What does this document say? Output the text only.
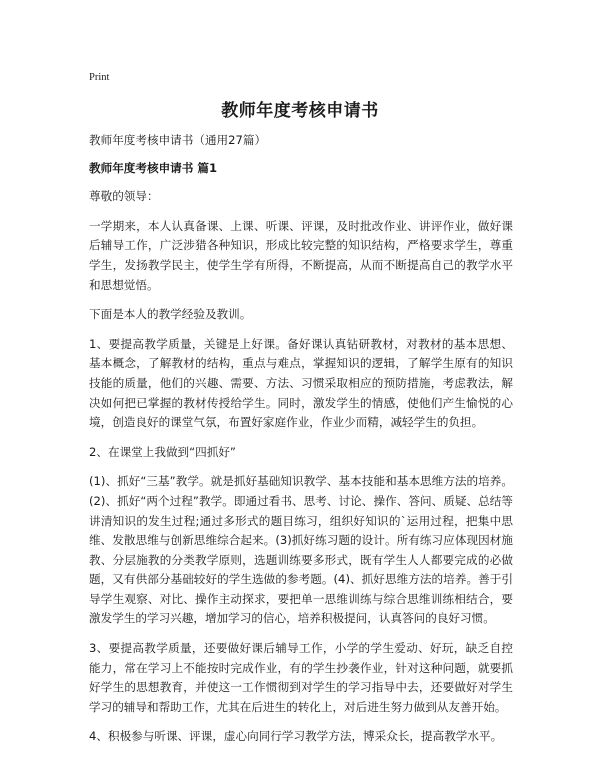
Print
教师年度考核申请书

教师年度考核申请书（通用27篇）

教师年度考核申请书 篇1

尊敬的领导：

一学期来，本人认真备课、上课、听课、评课，及时批改作业、讲评作业，做好课后辅导工作，广泛涉猎各种知识，形成比较完整的知识结构，严格要求学生，尊重学生，发扬教学民主，使学生学有所得，不断提高，从而不断提高自己的教学水平和思想觉悟。

下面是本人的教学经验及教训。

1、要提高教学质量，关键是上好课。备好课认真钻研教材，对教材的基本思想、基本概念，了解教材的结构，重点与难点，掌握知识的逻辑，了解学生原有的知识技能的质量，他们的兴趣、需要、方法、习惯采取相应的预防措施，考虑教法，解决如何把已掌握的教材传授给学生。同时，激发学生的情感，使他们产生愉悦的心境，创造良好的课堂气氛，布置好家庭作业，作业少而精，减轻学生的负担。

2、在课堂上我做到“四抓好”

(1)、抓好“三基”教学。就是抓好基础知识教学、基本技能和基本思维方法的培养。(2)、抓好“两个过程”教学。即通过看书、思考、讨论、操作、答问、质疑、总结等讲清知识的发生过程;通过多形式的题目练习，组织好知识的`运用过程，把集中思维、发散思维与创新思维综合起来。(3)抓好练习题的设计。所有练习应体现因材施教、分层施教的分类教学原则，选题训练要多形式，既有学生人人都要完成的必做题，又有供部分基础较好的学生选做的参考题。(4)、抓好思维方法的培养。善于引导学生观察、对比、操作主动探求，要把单一思维训练与综合思维训练相结合，要激发学生的学习兴趣，增加学习的信心，培养积极提问，认真答问的良好习惯。

3、要提高教学质量，还要做好课后辅导工作，小学的学生爱动、好玩，缺乏自控能力，常在学习上不能按时完成作业，有的学生抄袭作业，针对这种问题，就要抓好学生的思想教育，并使这一工作惯彻到对学生的学习指导中去，还要做好对学生学习的辅导和帮助工作，尤其在后进生的转化上，对后进生努力做到从友善开始。

4、积极参与听课、评课，虚心向同行学习教学方法，博采众长，提高教学水平。
